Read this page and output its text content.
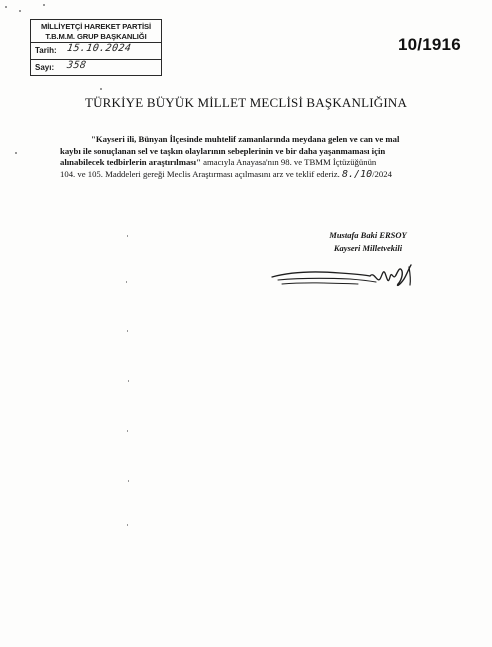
MİLLİYETÇİ HAREKET PARTİSİ
T.B.M.M. GRUP BAŞKANLIĞI
Tarih: 15.10.2024
Sayı: 358
10/1916
TÜRKİYE BÜYÜK MİLLET MECLİSİ BAŞKANLIĞINA
"Kayseri ili, Bünyan İlçesinde muhtelif zamanlarında meydana gelen ve can ve mal
kaybı ile sonuçlanan sel ve taşkın olaylarının sebeplerinin ve bir daha yaşanmaması için
alınabilecek tedbirlerin araştırılması" amacıyla Anayasa'nın 98. ve TBMM İçtüzüğünün
104. ve 105. Maddeleri gereği Meclis Araştırması açılmasını arz ve teklif ederiz. 8./10/2024
Mustafa Baki ERSOY
Kayseri Milletvekili
